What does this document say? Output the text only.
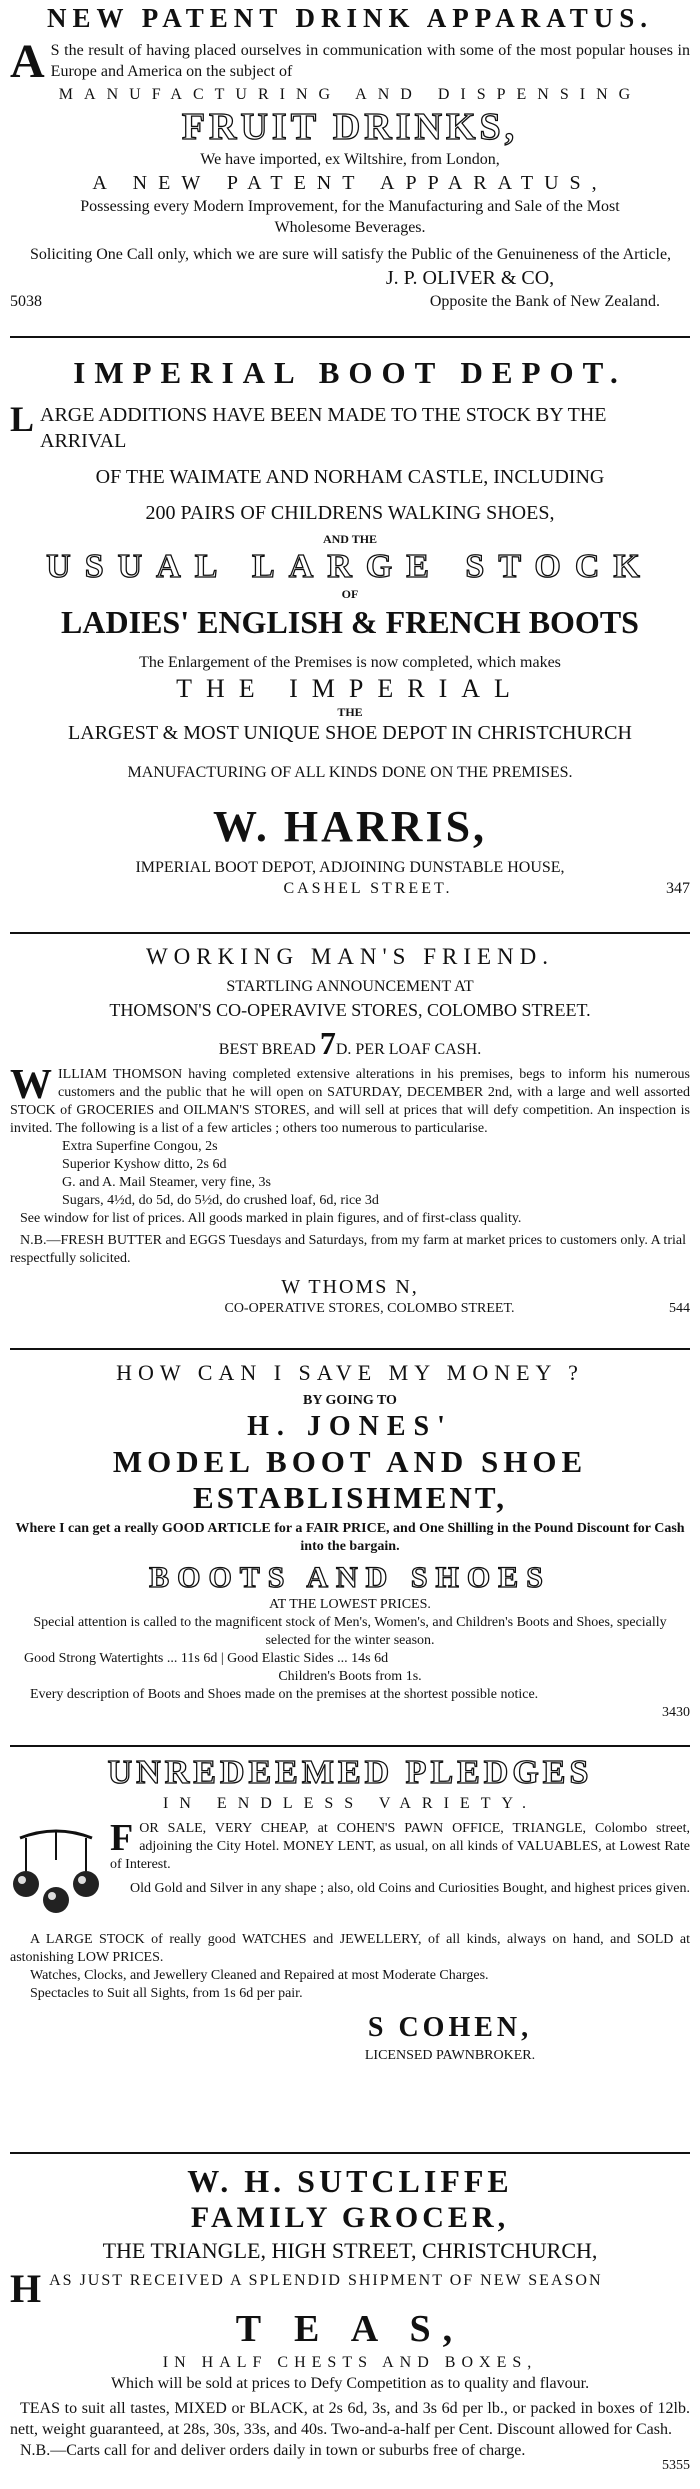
NEW PATENT DRINK APPARATUS.
A S the result of having placed ourselves in communication with some of the most popular houses in Europe and America on the subject of
MANUFACTURING AND DISPENSING
FRUIT DRINKS,
We have imported, ex Wiltshire, from London,
A NEW PATENT APPARATUS,
Possessing every Modern Improvement, for the Manufacturing and Sale of the Most Wholesome Beverages.
Soliciting One Call only, which we are sure will satisfy the Public of the Genuineness of the Article,
J. P. OLIVER & CO,
5038	Opposite the Bank of New Zealand.
IMPERIAL BOOT DEPOT.
LARGE ADDITIONS HAVE BEEN MADE TO THE STOCK BY THE ARRIVAL
OF THE WAIMATE AND NORHAM CASTLE, INCLUDING
200 PAIRS OF CHILDRENS WALKING SHOES,
AND THE
USUAL LARGE STOCK
OF
LADIES' ENGLISH & FRENCH BOOTS
The Enlargement of the Premises is now completed, which makes
THE IMPERIAL
THE
LARGEST & MOST UNIQUE SHOE DEPOT IN CHRISTCHURCH
MANUFACTURING OF ALL KINDS DONE ON THE PREMISES.
W. HARRIS,
IMPERIAL BOOT DEPOT, ADJOINING DUNSTABLE HOUSE,
CASHEL STREET.	347
WORKING MAN'S FRIEND.
STARTLING ANNOUNCEMENT AT
THOMSON'S CO-OPERAVIVE STORES, COLOMBO STREET.
BEST BREAD 7D. PER LOAF CASH.
WILLIAM THOMSON having completed extensive alterations in his premises, begs to inform his numerous customers and the public that he will open on SATURDAY, DECEMBER 2nd, with a large and well assorted STOCK of GROCERIES and OILMAN'S STORES, and will sell at prices that will defy competition. An inspection is invited. The following is a list of a few articles ; others too numerous to particularise.
Extra Superfine Congou, 2s
Superior Kyshow ditto, 2s 6d
G. and A. Mail Steamer, very fine, 3s
Sugars, 4½d, do 5d, do 5½d, do crushed loaf, 6d, rice 3d
See window for list of prices. All goods marked in plain figures, and of first-class quality.
N.B.—FRESH BUTTER and EGGS Tuesdays and Saturdays, from my farm at market prices to customers only. A trial respectfully solicited.
W THOMS N,
CO-OPERATIVE STORES, COLOMBO STREET.	544
HOW CAN I SAVE MY MONEY ?
BY GOING TO
H. JONES'
MODEL BOOT AND SHOE
ESTABLISHMENT,
Where I can get a really GOOD ARTICLE for a FAIR PRICE, and One Shilling in the Pound Discount for Cash into the bargain.
BOOTS AND SHOES
AT THE LOWEST PRICES.
Special attention is called to the magnificent stock of Men's, Women's, and Children's Boots and Shoes, specially selected for the winter season.
Good Strong Watertights ... 11s 6d | Good Elastic Sides ... 14s 6d
Children's Boots from 1s.
Every description of Boots and Shoes made on the premises at the shortest possible notice.
3430
UNREDEEMED PLEDGES
IN ENDLESS VARIETY.
FOR SALE, VERY CHEAP, at COHEN'S PAWN OFFICE, TRIANGLE, Colombo street, adjoining the City Hotel. MONEY LENT, as usual, on all kinds of VALUABLES, at Lowest Rate of Interest.
Old Gold and Silver in any shape ; also, old Coins and Curiosities Bought, and highest prices given.
A LARGE STOCK of really good WATCHES and JEWELLERY, of all kinds, always on hand, and SOLD at astonishing LOW PRICES.
Watches, Clocks, and Jewellery Cleaned and Repaired at most Moderate Charges.
Spectacles to Suit all Sights, from 1s 6d per pair.
S COHEN,
LICENSED PAWNBROKER.
W. H. SUTCLIFFE
FAMILY GROCER,
THE TRIANGLE, HIGH STREET, CHRISTCHURCH,
HAS JUST RECEIVED A SPLENDID SHIPMENT OF NEW SEASON
T E A S,
IN HALF CHESTS AND BOXES,
Which will be sold at prices to Defy Competition as to quality and flavour.
TEAS to suit all tastes, MIXED or BLACK, at 2s 6d, 3s, and 3s 6d per lb., or packed in boxes of 12lb. nett, weight guaranteed, at 28s, 30s, 33s, and 40s. Two-and-a-half per Cent. Discount allowed for Cash.
N.B.—Carts call for and deliver orders daily in town or suburbs free of charge.
5355
